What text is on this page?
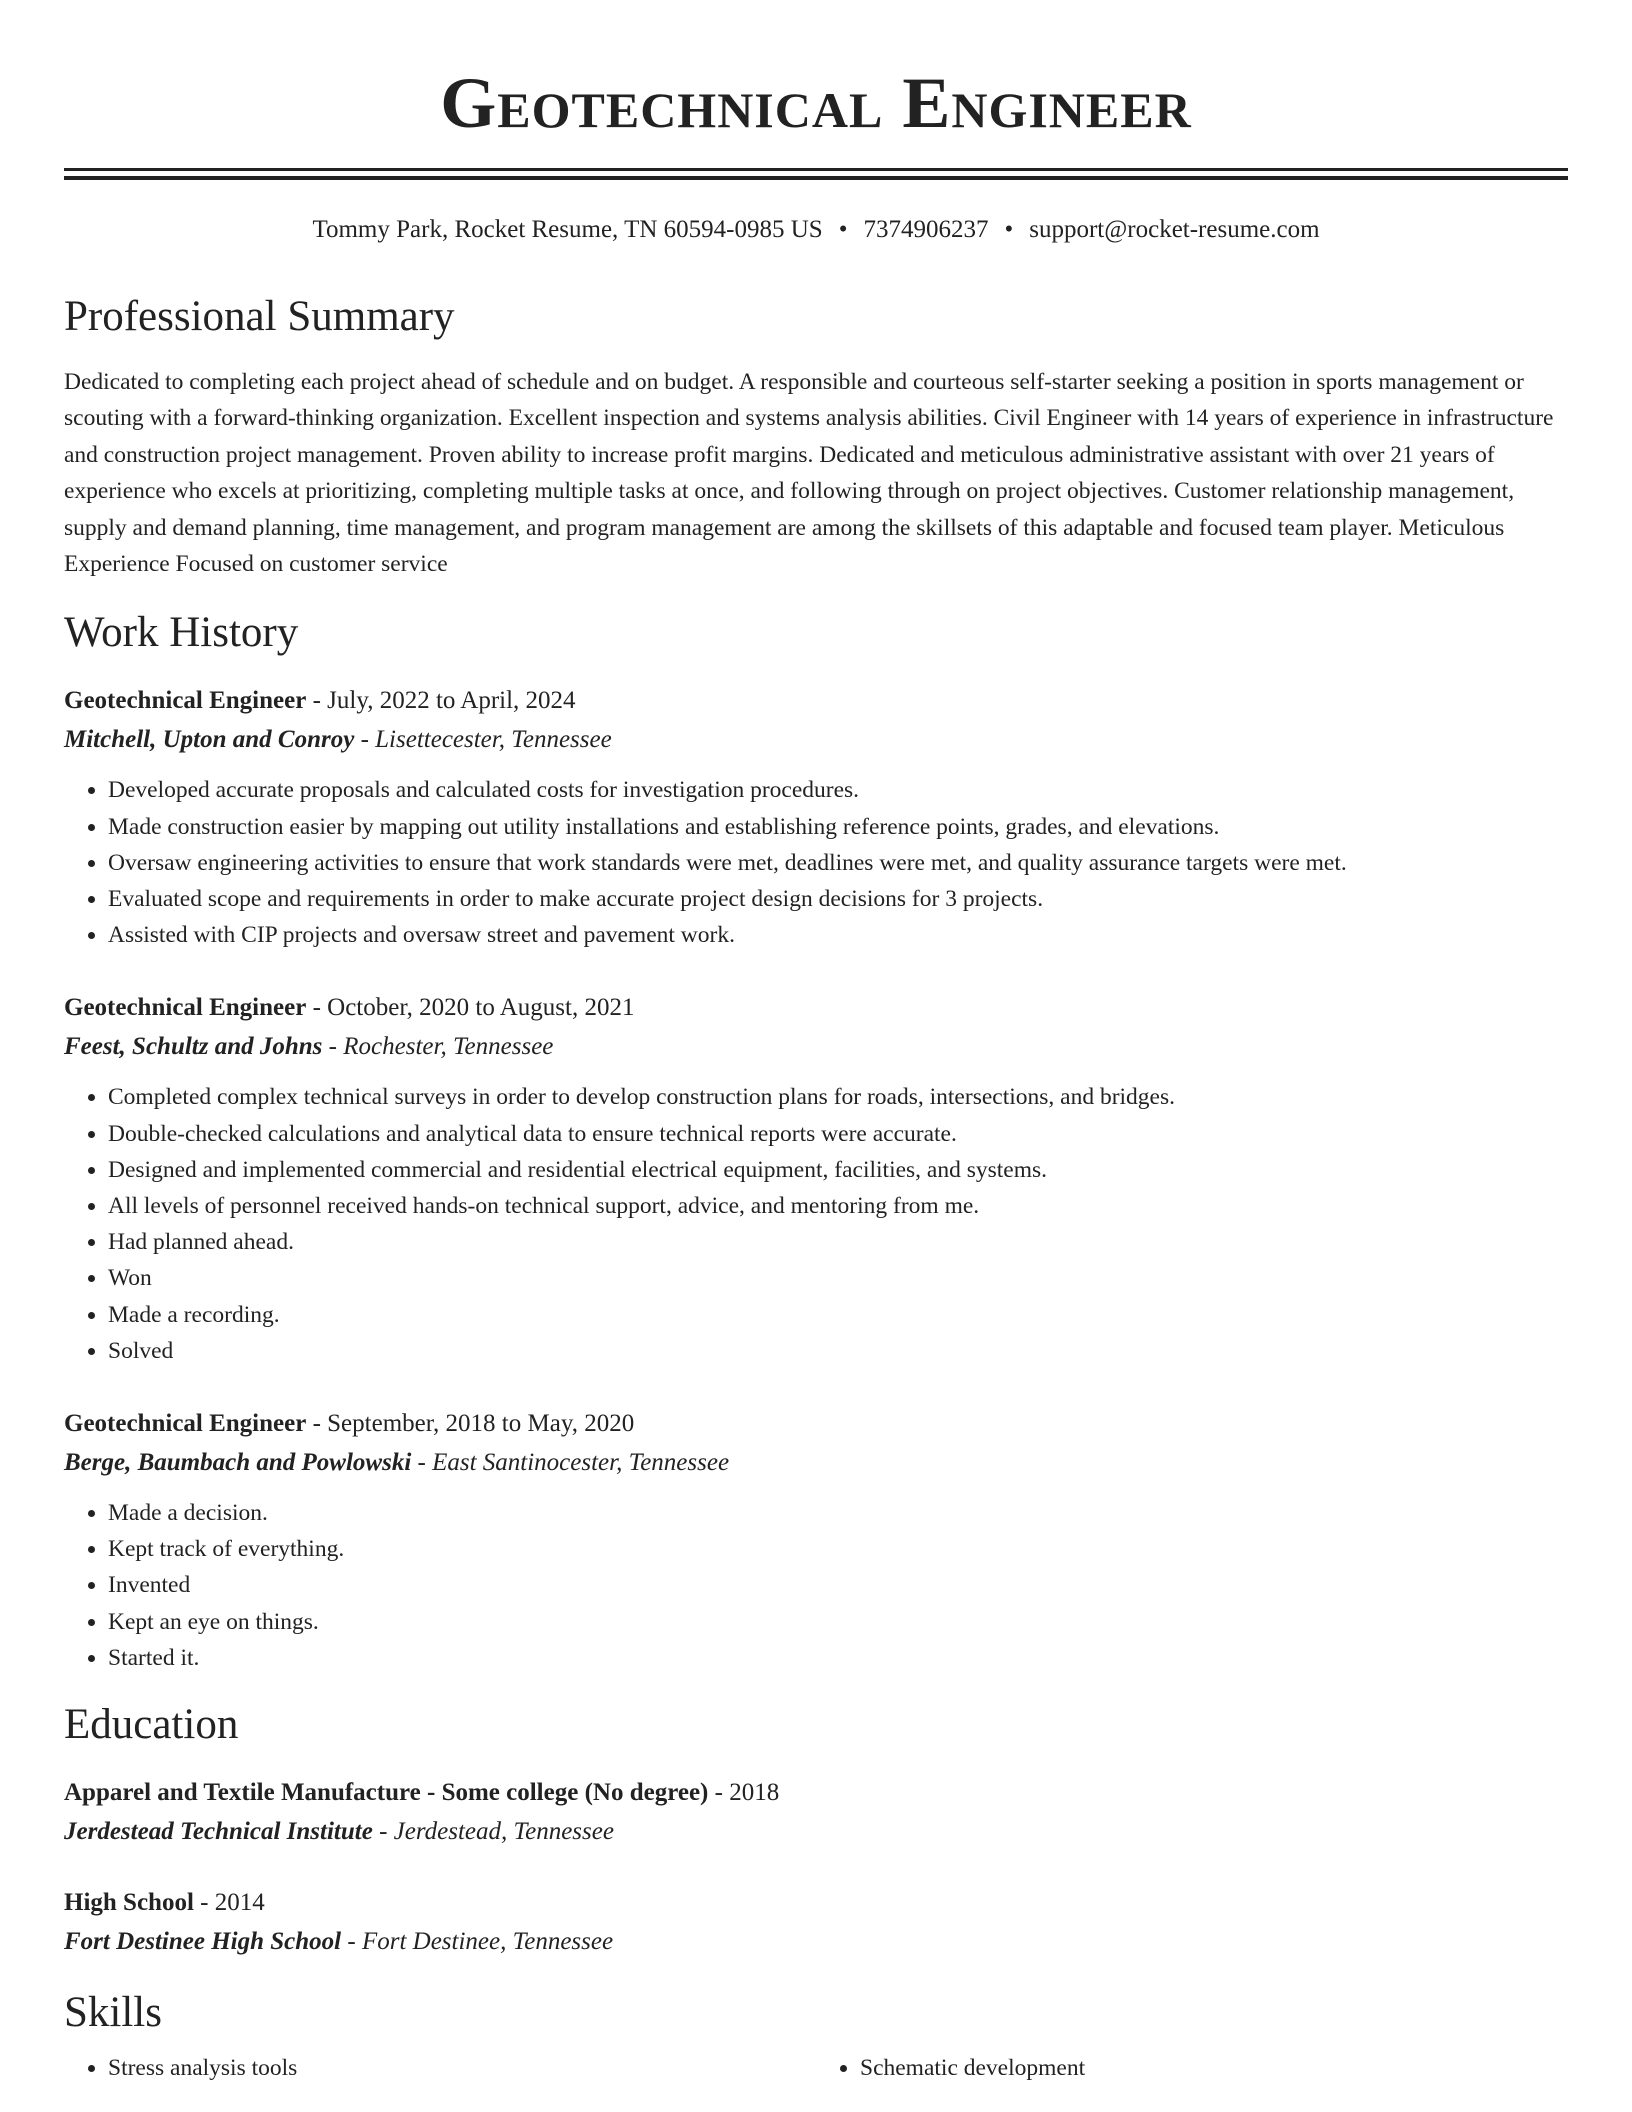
Geotechnical Engineer
Tommy Park, Rocket Resume, TN 60594-0985 US • 7374906237 • support@rocket-resume.com
Professional Summary

Dedicated to completing each project ahead of schedule and on budget. A responsible and courteous self-starter seeking a position in sports management or scouting with a forward-thinking organization. Excellent inspection and systems analysis abilities. Civil Engineer with 14 years of experience in infrastructure and construction project management. Proven ability to increase profit margins. Dedicated and meticulous administrative assistant with over 21 years of experience who excels at prioritizing, completing multiple tasks at once, and following through on project objectives. Customer relationship management, supply and demand planning, time management, and program management are among the skillsets of this adaptable and focused team player. Meticulous Experience Focused on customer service

Work History
Geotechnical Engineer - July, 2022 to April, 2024
Mitchell, Upton and Conroy - Lisettecester, Tennessee
• Developed accurate proposals and calculated costs for investigation procedures.
• Made construction easier by mapping out utility installations and establishing reference points, grades, and elevations.
• Oversaw engineering activities to ensure that work standards were met, deadlines were met, and quality assurance targets were met.
• Evaluated scope and requirements in order to make accurate project design decisions for 3 projects.
• Assisted with CIP projects and oversaw street and pavement work.
Geotechnical Engineer - October, 2020 to August, 2021
Feest, Schultz and Johns - Rochester, Tennessee
• Completed complex technical surveys in order to develop construction plans for roads, intersections, and bridges.
• Double-checked calculations and analytical data to ensure technical reports were accurate.
• Designed and implemented commercial and residential electrical equipment, facilities, and systems.
• All levels of personnel received hands-on technical support, advice, and mentoring from me.
• Had planned ahead.
• Won
• Made a recording.
• Solved
Geotechnical Engineer - September, 2018 to May, 2020
Berge, Baumbach and Powlowski - East Santinocester, Tennessee
• Made a decision.
• Kept track of everything.
• Invented
• Kept an eye on things.
• Started it.
Education
Apparel and Textile Manufacture - Some college (No degree) - 2018
Jerdestead Technical Institute - Jerdestead, Tennessee
High School - 2014
Fort Destinee High School - Fort Destinee, Tennessee
Skills
• Stress analysis tools
•	Schematic development
